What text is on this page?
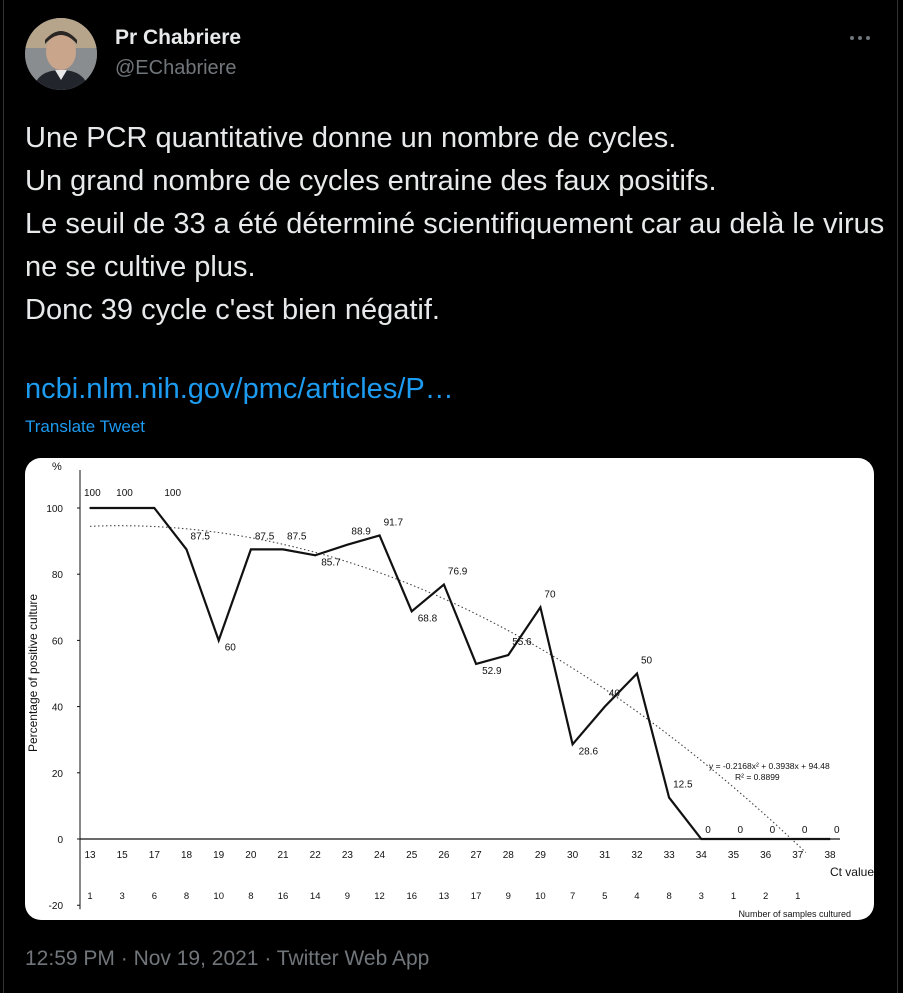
Pr Chabriere
@EChabriere
Une PCR quantitative donne un nombre de cycles.
Un grand nombre de cycles entraine des faux positifs.
Le seuil de 33 a été déterminé scientifiquement car au delà le virus ne se cultive plus.
Donc 39 cycle c'est bien négatif.
ncbi.nlm.nih.gov/pmc/articles/P…
Translate Tweet
%
Percentage of positive culture
Ct value
Number of samples cultured
y = -0.2168x² + 0.3938x + 94.48
R² = 0.8899
-20
0
20
40
60
80
100
13 15 17 18 19 20 21 22 23 24 25 26 27 28 29 30 31 32 33 34 35 36 37 38
1	3	6	8	10	8	16 14	9	12 16 13 17	9	10	7	5	4	8	3	1	2	1
100 100	100
87.5
60
87.5 87.5
85.7
88.9
91.7
68.8
76.9
52.9
55.6
70
28.6
40
50
12.5
0	0	0	0	0
12:59 PM · Nov 19, 2021 · Twitter Web App
